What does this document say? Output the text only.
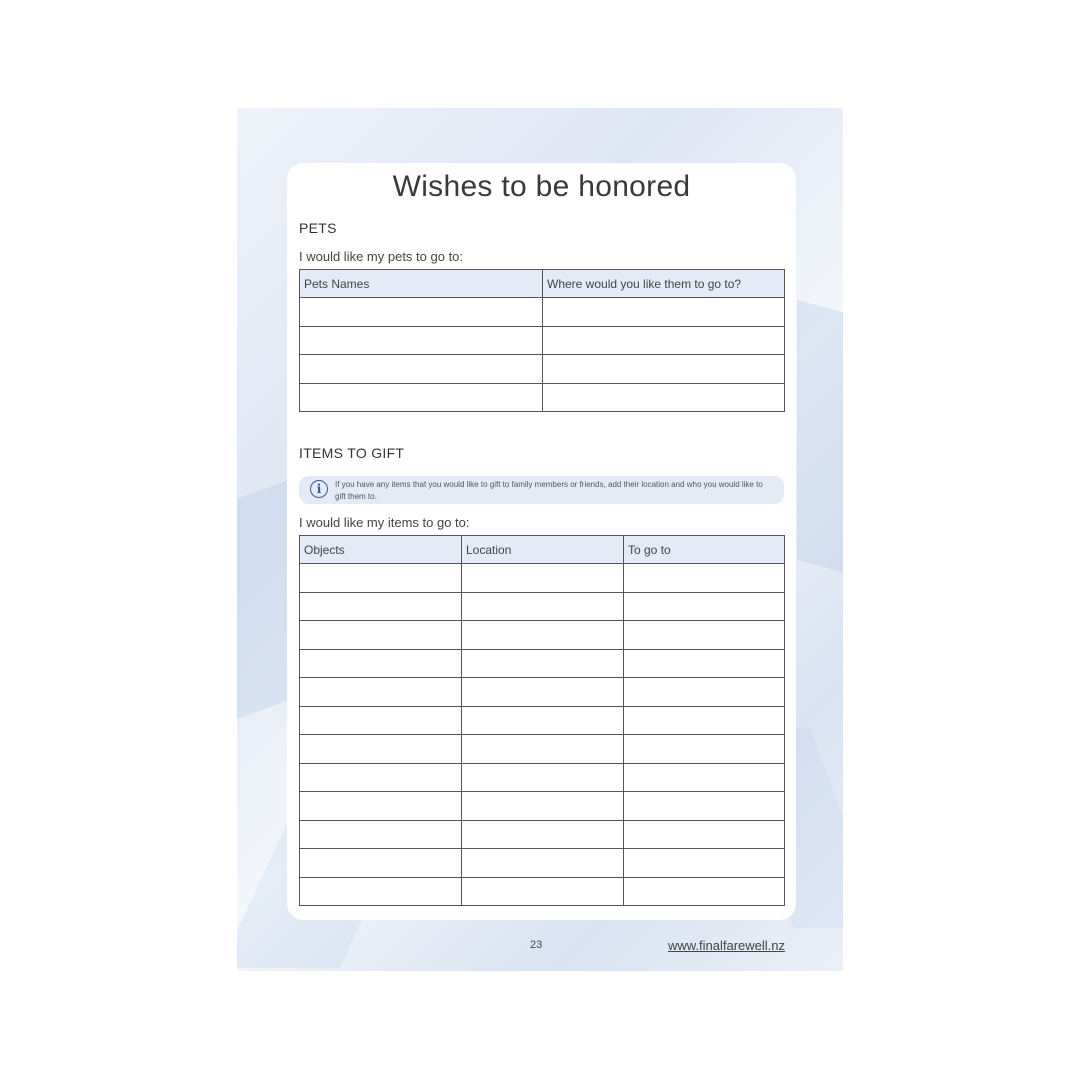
Wishes to be honored
PETS
I would like my pets to go to:
Pets Names	Where would you like them to go to?

ITEMS TO GIFT
i	If you have any items that you would like to gift to family members or friends, add their location and who you would like to gift them to.
I would like my items to go to:
Objects	Location	To go to

23	www.finalfarewell.nz
